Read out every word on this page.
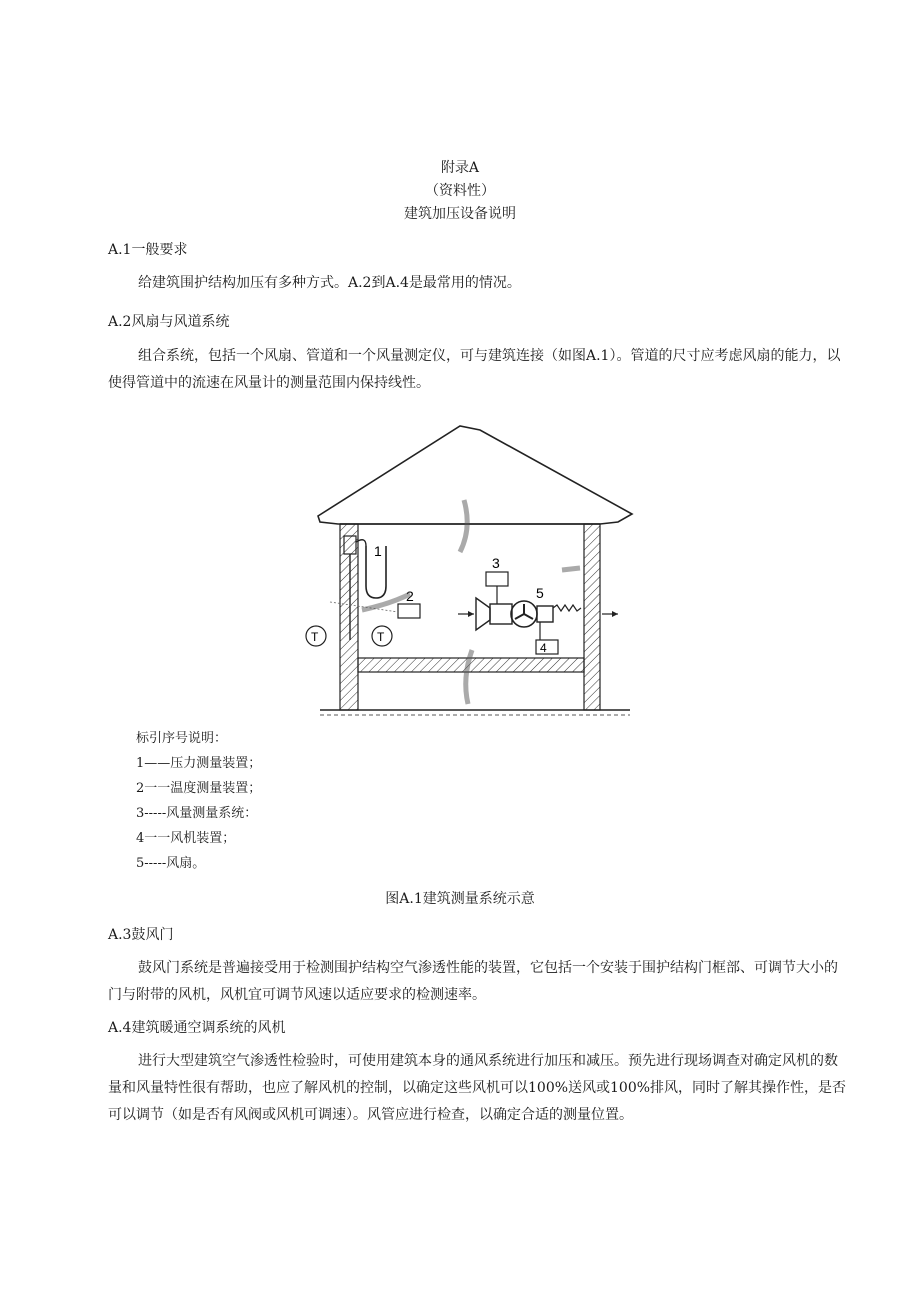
附录A
（资料性）
建筑加压设备说明
A.1一般要求

给建筑围护结构加压有多种方式。A.2到A.4是最常用的情况。

A.2风扇与风道系统

组合系统，包括一个风扇、管道和一个风量测定仪，可与建筑连接（如图A.1）。管道的尺寸应考虑风扇的能力，以使得管道中的流速在风量计的测量范围内保持线性。

1
2
T	T
3
5
4
标引序号说明：
1——压力测量装置；
2一一温度测量装置；
3-----风量测量系统：
4一一风机装置；
5-----风扇。
图A.1建筑测量系统示意
A.3鼓风门

鼓风门系统是普遍接受用于检测围护结构空气渗透性能的装置，它包括一个安装于围护结构门框部、可调节大小的门与附带的风机，风机宜可调节风速以适应要求的检测速率。

A.4建筑暖通空调系统的风机

进行大型建筑空气渗透性检验时，可使用建筑本身的通风系统进行加压和减压。预先进行现场调查对确定风机的数量和风量特性很有帮助，也应了解风机的控制，以确定这些风机可以100%送风或100%排风，同时了解其操作性，是否可以调节（如是否有风阀或风机可调速）。风管应进行检查，以确定合适的测量位置。
